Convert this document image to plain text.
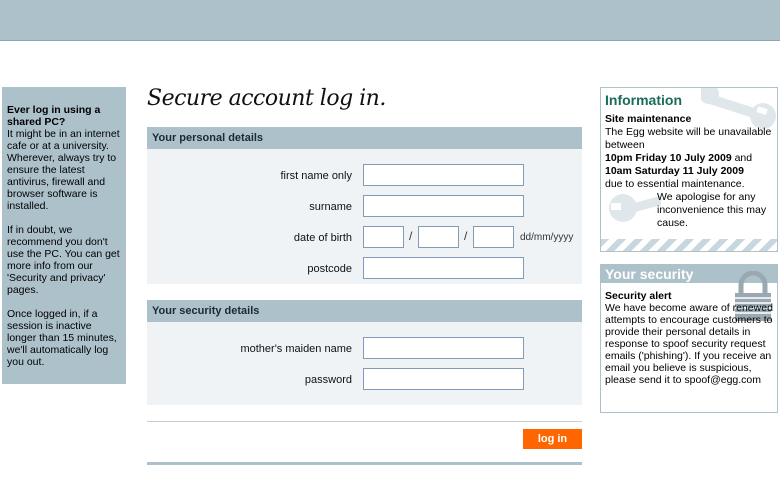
Ever log in using a shared PC?
It might be in an internet cafe or at a university. Wherever, always try to ensure the latest antivirus, firewall and browser software is installed.

If in doubt, we recommend you don't use the PC. You can get more info from our 'Security and privacy' pages.

Once logged in, if a session is inactive longer than 15 minutes, we'll automatically log you out.

Secure account log in.
Your personal details
first name only
surname
date of birth	/	/	dd/mm/yyyy
postcode
Your security details
mother's maiden name
password
log in
Information
Site maintenance
The Egg website will be unavailable between
10pm Friday 10 July 2009 and
10am Saturday 11 July 2009
due to essential maintenance.
We apologise for any inconvenience this may cause.
Your security
Security alert
We have become aware of renewed attempts to encourage customers to provide their personal details in response to spoof security request emails ('phishing'). If you receive an email you believe is suspicious, please send it to spoof@egg.com
